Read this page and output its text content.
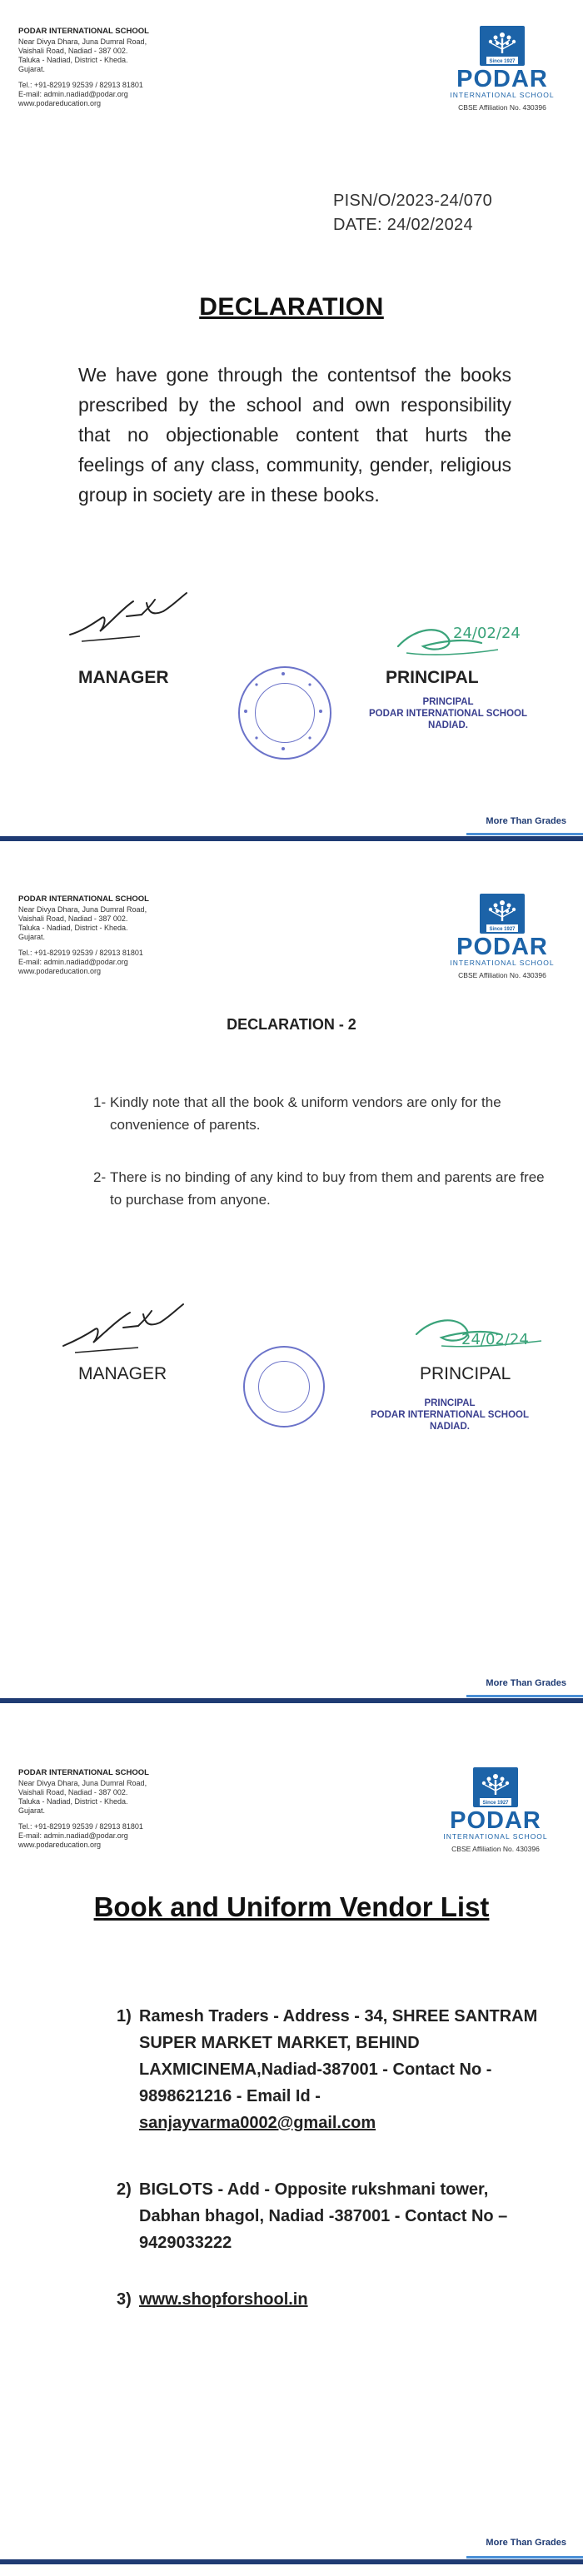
PODAR INTERNATIONAL SCHOOL
Near Divya Dhara, Juna Dumral Road,
Vaishali Road, Nadiad - 387 002.
Taluka - Nadiad, District - Kheda.
Gujarat.
Tel.: +91-82919 92539 / 82913 81801
E-mail: admin.nadiad@podar.org
www.podareducation.org
Since 1927
PODAR
INTERNATIONAL SCHOOL
CBSE Affiliation No. 430396
PISN/O/2023-24/070
DATE: 24/02/2024
DECLARATION
We have gone through the contentsof the books prescribed by the school and own responsibility that no objectionable content that hurts the feelings of any class, community, gender, religious group in society are in these books.
MANAGER
24/02/24
PRINCIPAL
PRINCIPAL
PODAR INTERNATIONAL SCHOOL
NADIAD.
More Than Grades
PODAR INTERNATIONAL SCHOOL
Near Divya Dhara, Juna Dumral Road,
Vaishali Road, Nadiad - 387 002.
Taluka - Nadiad, District - Kheda.
Gujarat.
Tel.: +91-82919 92539 / 82913 81801
E-mail: admin.nadiad@podar.org
www.podareducation.org
Since 1927
PODAR
INTERNATIONAL SCHOOL
CBSE Affiliation No. 430396
DECLARATION - 2
1- Kindly note that all the book & uniform vendors are only for the convenience of parents.
2- There is no binding of any kind to buy from them and parents are free to purchase from anyone.
MANAGER
24/02/24
PRINCIPAL
PRINCIPAL
PODAR INTERNATIONAL SCHOOL
NADIAD.
More Than Grades
PODAR INTERNATIONAL SCHOOL
Near Divya Dhara, Juna Dumral Road,
Vaishali Road, Nadiad - 387 002.
Taluka - Nadiad, District - Kheda.
Gujarat.
Tel.: +91-82919 92539 / 82913 81801
E-mail: admin.nadiad@podar.org
www.podareducation.org
Since 1927
PODAR
INTERNATIONAL SCHOOL
CBSE Affiliation No. 430396
Book and Uniform Vendor List
1) Ramesh Traders - Address - 34, SHREE SANTRAM SUPER MARKET MARKET, BEHIND LAXMICINEMA,Nadiad-387001 - Contact No - 9898621216 - Email Id -
sanjayvarma0002@gmail.com
2) BIGLOTS - Add - Opposite rukshmani tower, Dabhan bhagol, Nadiad -387001 - Contact No – 9429033222
3) www.shopforshool.in
More Than Grades
